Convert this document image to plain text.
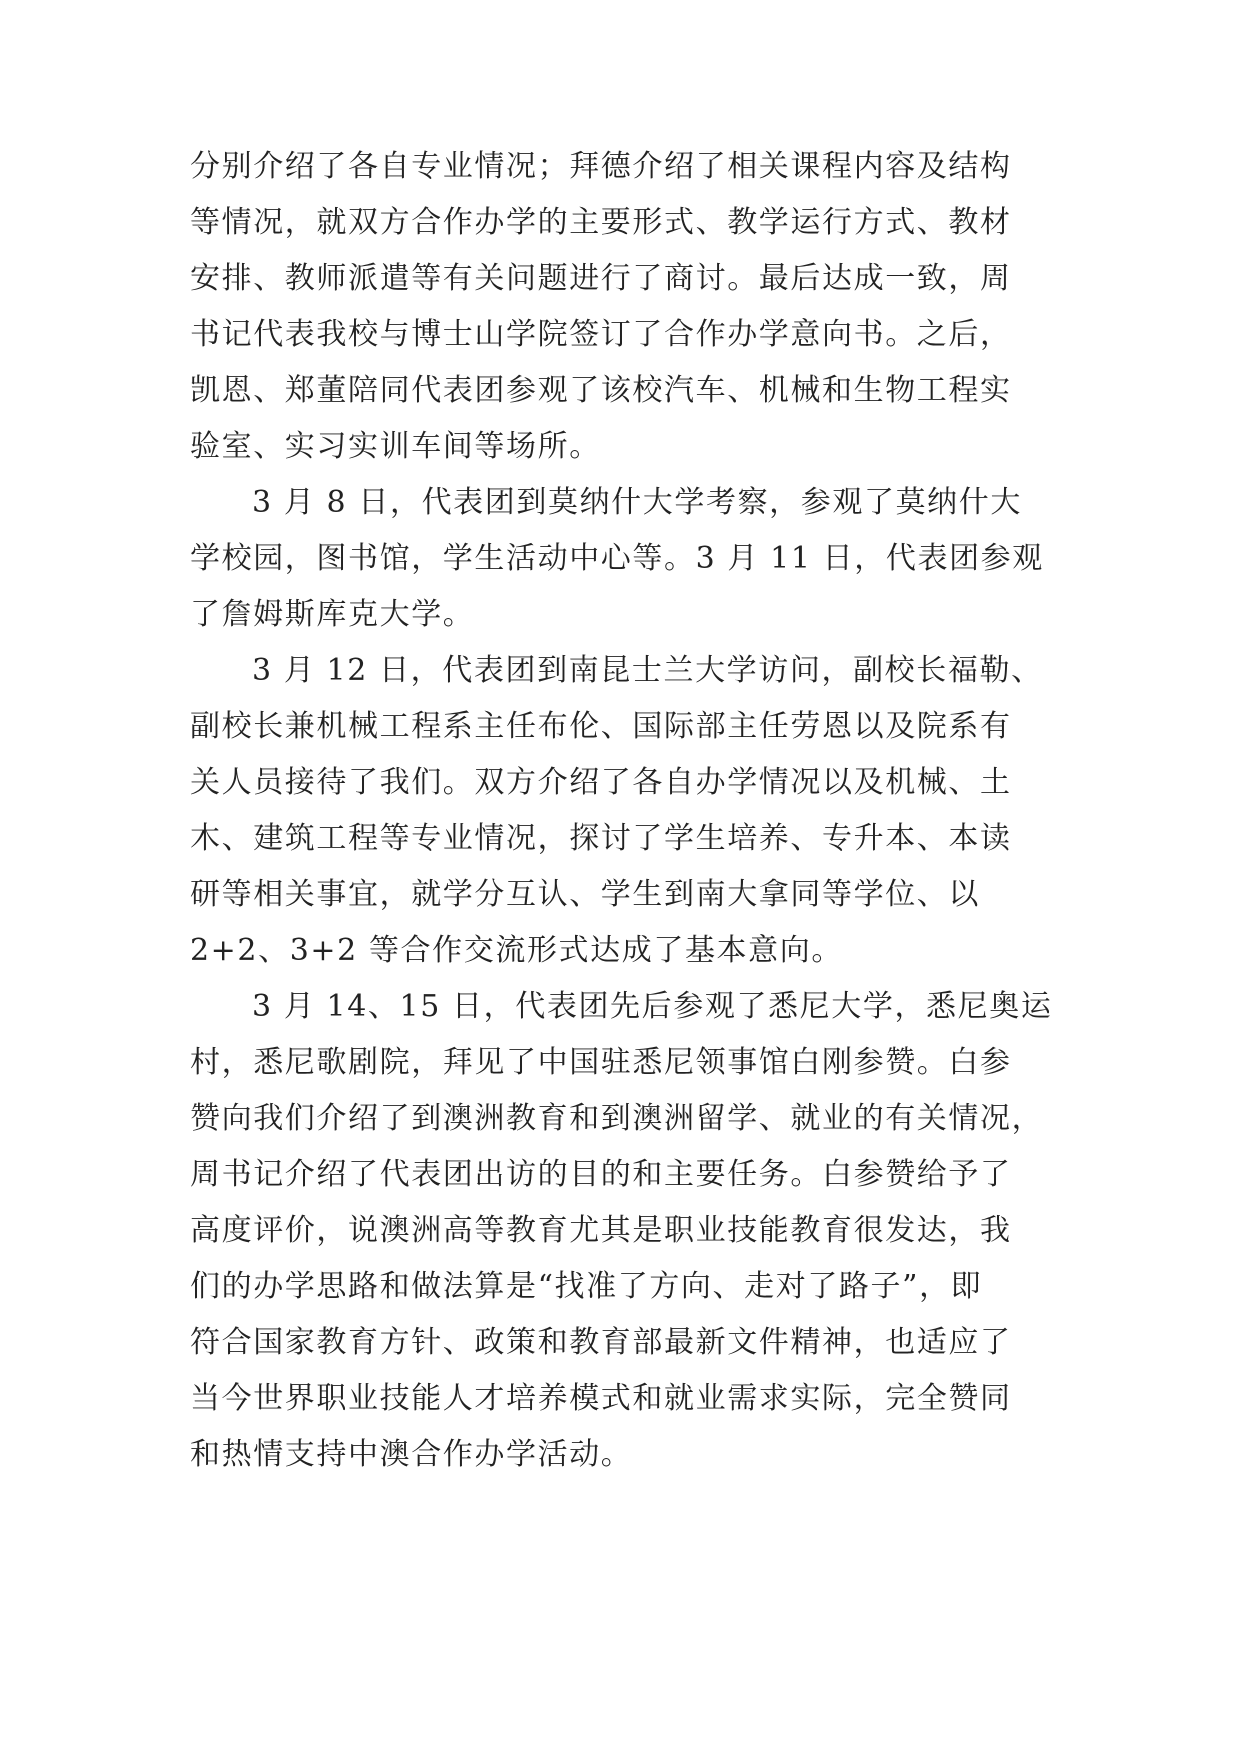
分别介绍了各自专业情况；拜德介绍了相关课程内容及结构
等情况，就双方合作办学的主要形式、教学运行方式、教材
安排、教师派遣等有关问题进行了商讨。最后达成一致，周
书记代表我校与博士山学院签订了合作办学意向书。之后，
凯恩、郑董陪同代表团参观了该校汽车、机械和生物工程实
验室、实习实训车间等场所。
3 月 8 日，代表团到莫纳什大学考察，参观了莫纳什大
学校园，图书馆，学生活动中心等。3 月 11 日，代表团参观
了詹姆斯库克大学。
3 月 12 日，代表团到南昆士兰大学访问，副校长福勒、
副校长兼机械工程系主任布伦、国际部主任劳恩以及院系有
关人员接待了我们。双方介绍了各自办学情况以及机械、土
木、建筑工程等专业情况，探讨了学生培养、专升本、本读
研等相关事宜，就学分互认、学生到南大拿同等学位、以
2+2、3+2 等合作交流形式达成了基本意向。
3 月 14、15 日，代表团先后参观了悉尼大学，悉尼奥运
村，悉尼歌剧院，拜见了中国驻悉尼领事馆白刚参赞。白参
赞向我们介绍了到澳洲教育和到澳洲留学、就业的有关情况，
周书记介绍了代表团出访的目的和主要任务。白参赞给予了
高度评价，说澳洲高等教育尤其是职业技能教育很发达，我
们的办学思路和做法算是“找准了方向、走对了路子”，即
符合国家教育方针、政策和教育部最新文件精神，也适应了
当今世界职业技能人才培养模式和就业需求实际，完全赞同
和热情支持中澳合作办学活动。
